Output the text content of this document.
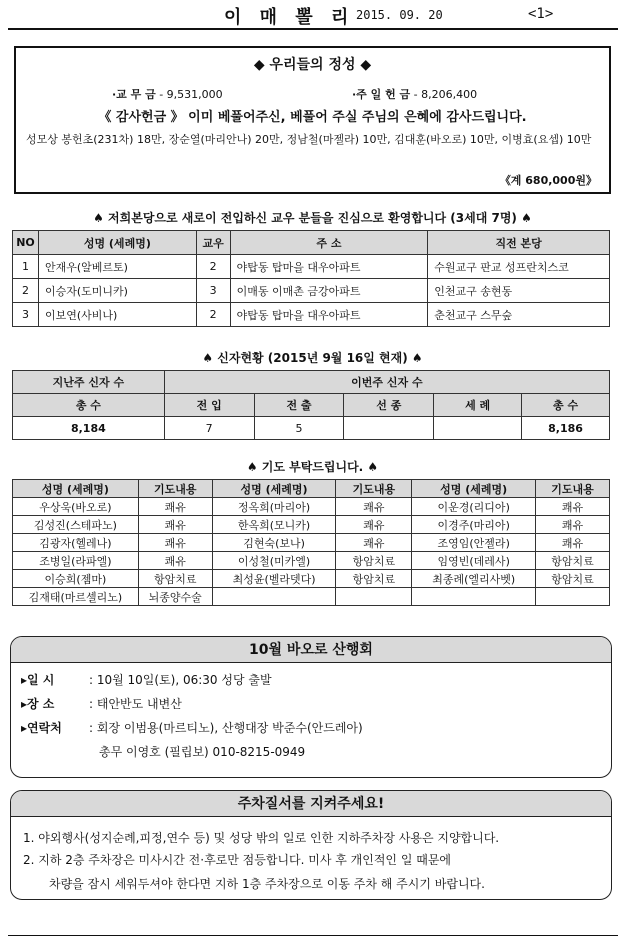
이 매 뽈 리 2015. 09. 20	<1>
◆ 우리들의 정성 ◆
·교 무 금 - 9,531,000	·주 일 헌 금 - 8,206,400
《 감사헌금 》 이미 베풀어주신, 베풀어 주실 주님의 은혜에 감사드립니다.
성모상 봉헌초(231차) 18만, 장순열(마리안나) 20만, 정남철(마젤라) 10만, 김대훈(바오로) 10만, 이병효(요셉) 10만
《계 680,000원》
♠ 저희본당으로 새로이 전입하신 교우 분들을 진심으로 환영합니다 (3세대 7명) ♠
NO	성명 (세례명)	교우	주 소	직전 본당
1	안재우(알베르토)	2	야탑동 탑마을 대우아파트	수원교구 판교 성프란치스코
2	이승자(도미니카)	3	이매동 이매촌 금강아파트	인천교구 송현동
3	이보연(사비나)	2	야탑동 탑마을 대우아파트	춘천교구 스무숲
♠ 신자현황 (2015년 9월 16일 현재) ♠
지난주 신자 수	이번주 신자 수				
총 수	전 입	전 출	선 종	세 례	총 수
8,184	7	5			8,186
♠ 기도 부탁드립니다. ♠
성명 (세례명)	기도내용	성명 (세례명)	기도내용	성명 (세례명)	기도내용
우상욱(바오로)	쾌유	정옥희(마리아)	쾌유	이운경(리디아)	쾌유
김성진(스테파노)	쾌유	한옥희(모니카)	쾌유	이경주(마리아)	쾌유
김광자(헬레나)	쾌유	김현숙(보나)	쾌유	조영임(안젤라)	쾌유
조병일(라파엘)	쾌유	이성철(미카엘)	항암치료	임영빈(데레사)	항암치료
이승희(젬마)	항암치료	최성윤(벨라뎃다)	항암치료	최종례(엘리사벳)	항암치료
김재태(마르셀리노)	뇌종양수술				
10월 바오로 산행회
▸일 시	: 10월 10일(토), 06:30 성당 출발
▸장 소	: 태안반도 내변산
▸연락처 : 회장 이범용(마르티노), 산행대장 박준수(안드레아)
총무 이영호 (필립보) 010-8215-0949
주차질서를 지켜주세요!
1. 야외행사(성지순례,피정,연수 등) 및 성당 밖의 일로 인한 지하주차장 사용은 지양합니다.
2. 지하 2층 주차장은 미사시간 전·후로만 점등합니다. 미사 후 개인적인 일 때문에
차량을 잠시 세워두셔야 한다면 지하 1층 주차장으로 이동 주차 해 주시기 바랍니다.
